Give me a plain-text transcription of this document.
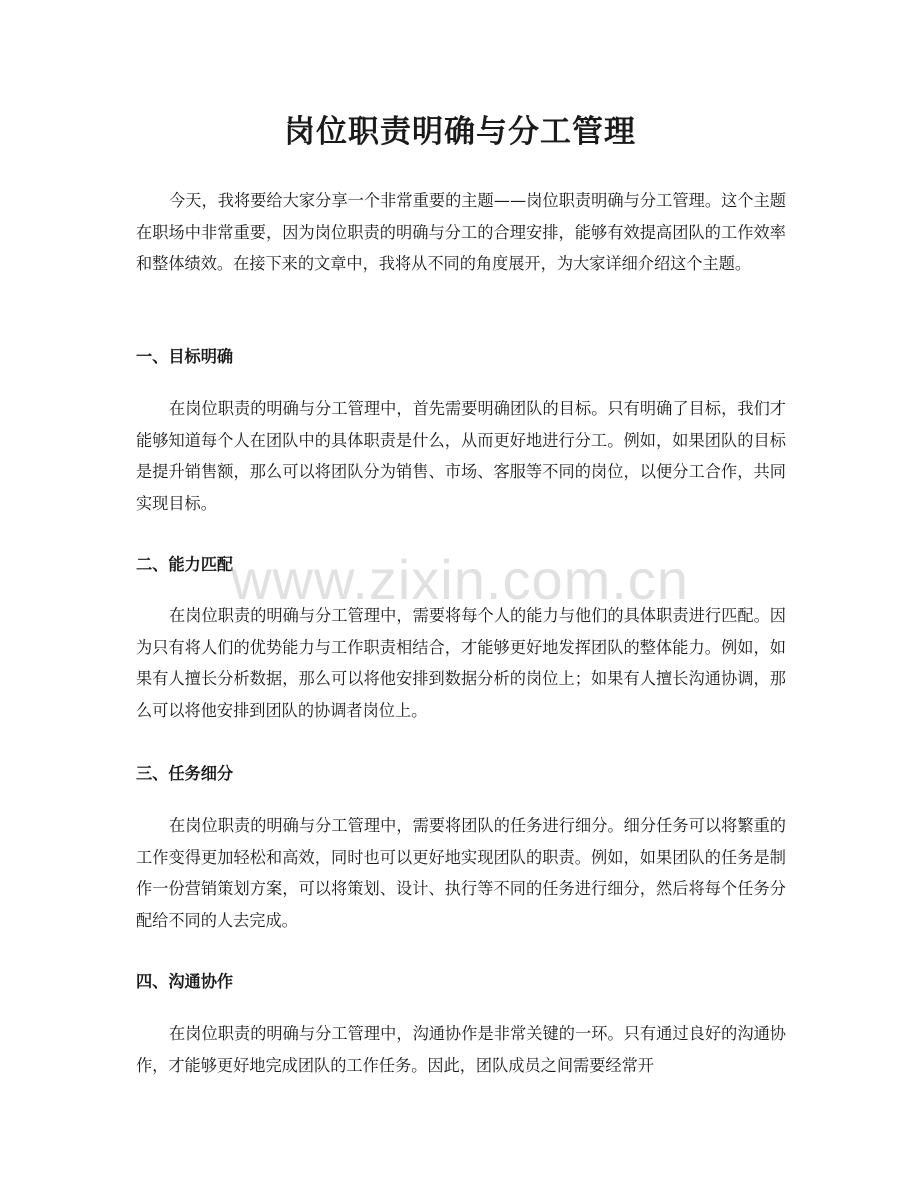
岗位职责明确与分工管理

今天，我将要给大家分享一个非常重要的主题——岗位职责明确与分工管理。这个主题在职场中非常重要，因为岗位职责的明确与分工的合理安排，能够有效提高团队的工作效率和整体绩效。在接下来的文章中，我将从不同的角度展开，为大家详细介绍这个主题。

一、目标明确

在岗位职责的明确与分工管理中，首先需要明确团队的目标。只有明确了目标，我们才能够知道每个人在团队中的具体职责是什么，从而更好地进行分工。例如，如果团队的目标是提升销售额，那么可以将团队分为销售、市场、客服等不同的岗位，以便分工合作，共同实现目标。

二、能力匹配

在岗位职责的明确与分工管理中，需要将每个人的能力与他们的具体职责进行匹配。因为只有将人们的优势能力与工作职责相结合，才能够更好地发挥团队的整体能力。例如，如果有人擅长分析数据，那么可以将他安排到数据分析的岗位上；如果有人擅长沟通协调，那么可以将他安排到团队的协调者岗位上。

三、任务细分

在岗位职责的明确与分工管理中，需要将团队的任务进行细分。细分任务可以将繁重的工作变得更加轻松和高效，同时也可以更好地实现团队的职责。例如，如果团队的任务是制作一份营销策划方案，可以将策划、设计、执行等不同的任务进行细分，然后将每个任务分配给不同的人去完成。

四、沟通协作

在岗位职责的明确与分工管理中，沟通协作是非常关键的一环。只有通过良好的沟通协作，才能够更好地完成团队的工作任务。因此，团队成员之间需要经常开

www.zixin.com.cn
